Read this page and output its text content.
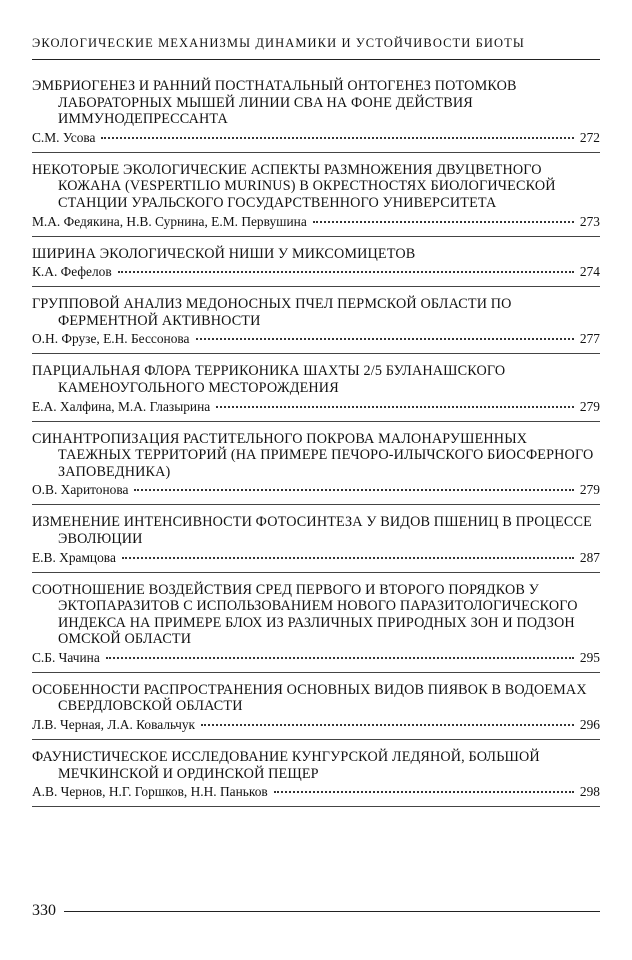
ЭКОЛОГИЧЕСКИЕ МЕХАНИЗМЫ ДИНАМИКИ И УСТОЙЧИВОСТИ БИОТЫ
ЭМБРИОГЕНЕЗ И РАННИЙ ПОСТНАТАЛЬНЫЙ ОНТОГЕНЕЗ ПОТОМКОВ ЛАБОРАТОРНЫХ МЫШЕЙ ЛИНИИ CBA НА ФОНЕ ДЕЙСТВИЯ ИММУНОДЕПРЕССАНТА
С.М. Усова	272
НЕКОТОРЫЕ ЭКОЛОГИЧЕСКИЕ АСПЕКТЫ РАЗМНОЖЕНИЯ ДВУЦВЕТНОГО КОЖАНА (VESPERTILIO MURINUS) В ОКРЕСТНОСТЯХ БИОЛОГИЧЕСКОЙ СТАНЦИИ УРАЛЬСКОГО ГОСУДАРСТВЕННОГО УНИВЕРСИТЕТА
М.А. Федякина, Н.В. Сурнина, Е.М. Первушина	273
ШИРИНА ЭКОЛОГИЧЕСКОЙ НИШИ У МИКСОМИЦЕТОВ
К.А. Фефелов	274
ГРУППОВОЙ АНАЛИЗ МЕДОНОСНЫХ ПЧЕЛ ПЕРМСКОЙ ОБЛАСТИ ПО ФЕРМЕНТНОЙ АКТИВНОСТИ
О.Н. Фрузе, Е.Н. Бессонова	277
ПАРЦИАЛЬНАЯ ФЛОРА ТЕРРИКОНИКА ШАХТЫ 2/5 БУЛАНАШСКОГО КАМЕНОУГОЛЬНОГО МЕСТОРОЖДЕНИЯ
Е.А. Халфина, М.А. Глазырина	279
СИНАНТРОПИЗАЦИЯ РАСТИТЕЛЬНОГО ПОКРОВА МАЛОНАРУШЕННЫХ ТАЕЖНЫХ ТЕРРИТОРИЙ (НА ПРИМЕРЕ ПЕЧОРО-ИЛЫЧСКОГО БИОСФЕРНОГО ЗАПОВЕДНИКА)
О.В. Харитонова	279
ИЗМЕНЕНИЕ ИНТЕНСИВНОСТИ ФОТОСИНТЕЗА У ВИДОВ ПШЕНИЦ В ПРОЦЕССЕ ЭВОЛЮЦИИ
Е.В. Храмцова	287
СООТНОШЕНИЕ ВОЗДЕЙСТВИЯ СРЕД ПЕРВОГО И ВТОРОГО ПОРЯДКОВ У ЭКТОПАРАЗИТОВ С ИСПОЛЬЗОВАНИЕМ НОВОГО ПАРАЗИТОЛОГИЧЕСКОГО ИНДЕКСА НА ПРИМЕРЕ БЛОХ ИЗ РАЗЛИЧНЫХ ПРИРОДНЫХ ЗОН И ПОДЗОН ОМСКОЙ ОБЛАСТИ
С.Б. Чачина	295
ОСОБЕННОСТИ РАСПРОСТРАНЕНИЯ ОСНОВНЫХ ВИДОВ ПИЯВОК В ВОДОЕМАХ СВЕРДЛОВСКОЙ ОБЛАСТИ
Л.В. Черная, Л.А. Ковальчук	296
ФАУНИСТИЧЕСКОЕ ИССЛЕДОВАНИЕ КУНГУРСКОЙ ЛЕДЯНОЙ, БОЛЬШОЙ МЕЧКИНСКОЙ И ОРДИНСКОЙ ПЕЩЕР
А.В. Чернов, Н.Г. Горшков, Н.Н. Паньков	298
330
